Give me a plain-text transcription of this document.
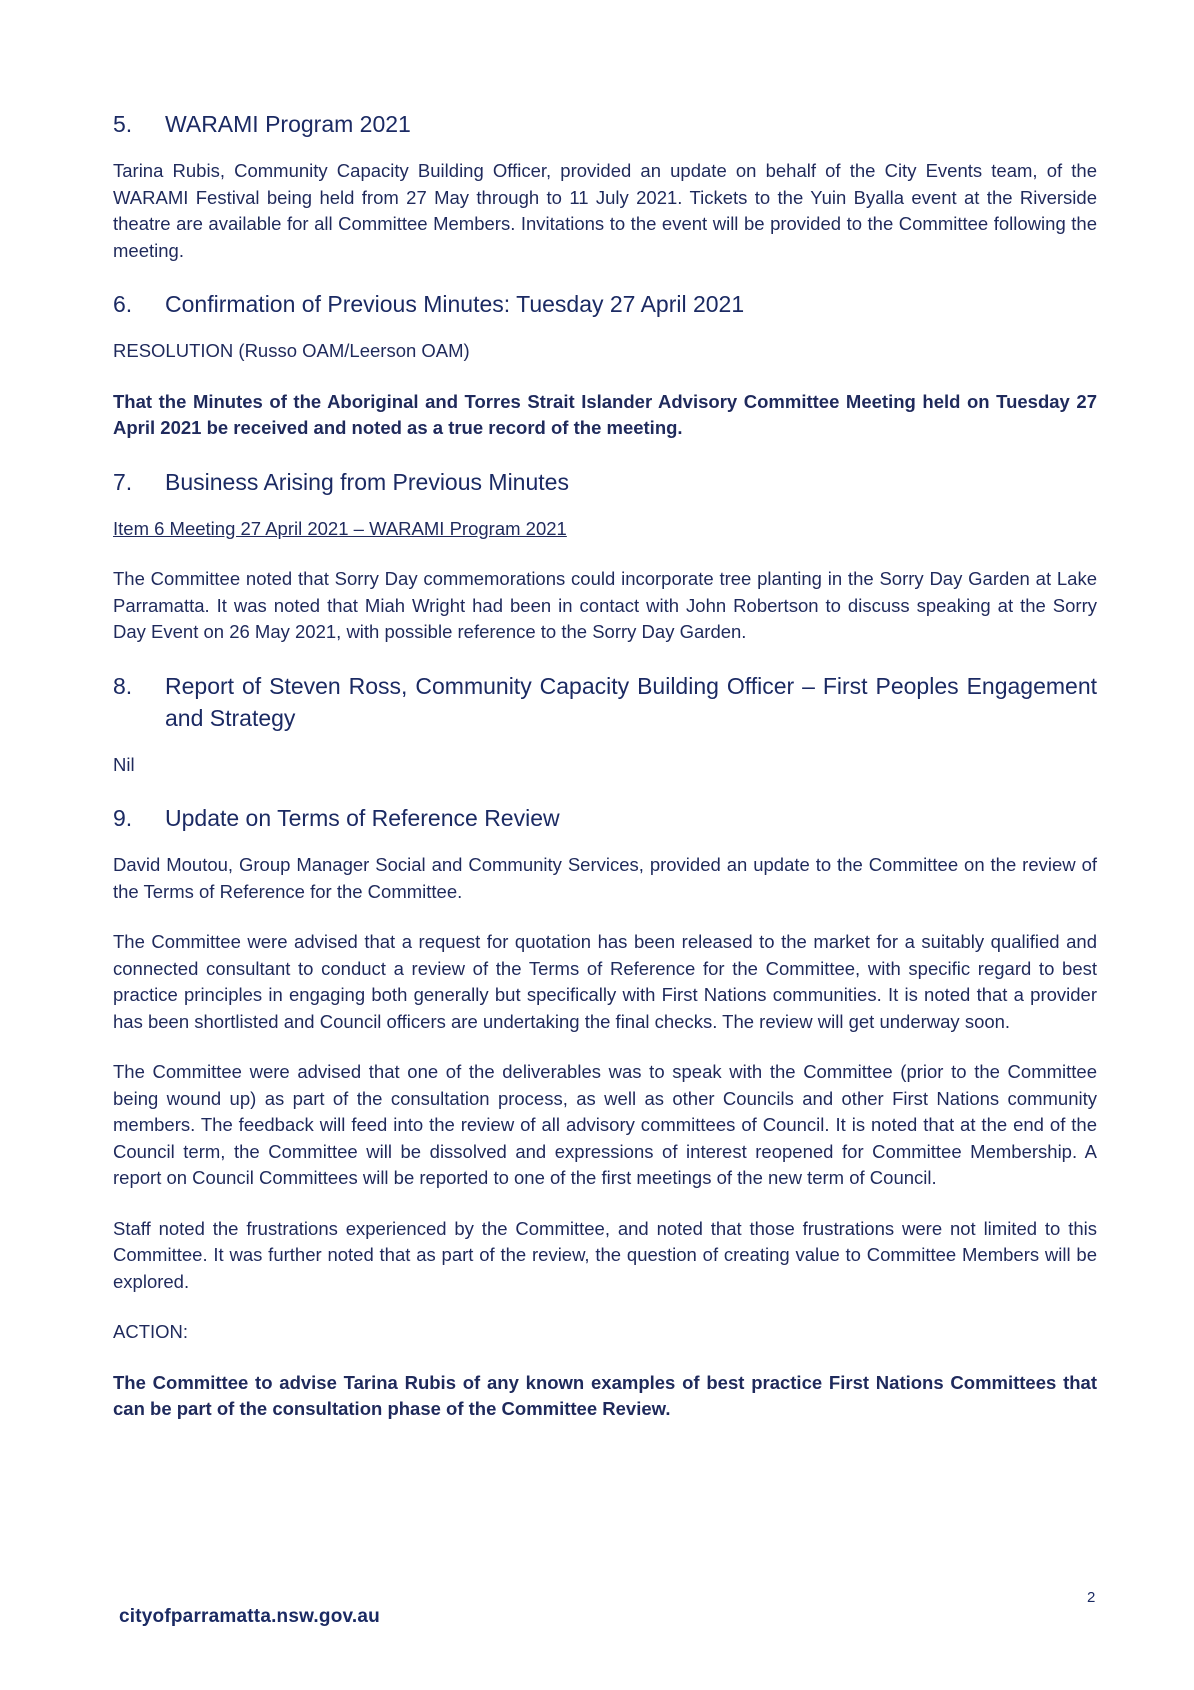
5.	WARAMI Program 2021

Tarina Rubis, Community Capacity Building Officer, provided an update on behalf of the City Events team, of the WARAMI Festival being held from 27 May through to 11 July 2021. Tickets to the Yuin Byalla event at the Riverside theatre are available for all Committee Members. Invitations to the event will be provided to the Committee following the meeting.

6.	Confirmation of Previous Minutes: Tuesday 27 April 2021

RESOLUTION (Russo OAM/Leerson OAM)

That the Minutes of the Aboriginal and Torres Strait Islander Advisory Committee Meeting held on Tuesday 27 April 2021 be received and noted as a true record of the meeting.

7.	Business Arising from Previous Minutes

Item 6 Meeting 27 April 2021 – WARAMI Program 2021

The Committee noted that Sorry Day commemorations could incorporate tree planting in the Sorry Day Garden at Lake Parramatta. It was noted that Miah Wright had been in contact with John Robertson to discuss speaking at the Sorry Day Event on 26 May 2021, with possible reference to the Sorry Day Garden.

8.	Report of Steven Ross, Community Capacity Building Officer – First Peoples Engagement and Strategy

Nil

9.	Update on Terms of Reference Review

David Moutou, Group Manager Social and Community Services, provided an update to the Committee on the review of the Terms of Reference for the Committee.

The Committee were advised that a request for quotation has been released to the market for a suitably qualified and connected consultant to conduct a review of the Terms of Reference for the Committee, with specific regard to best practice principles in engaging both generally but specifically with First Nations communities. It is noted that a provider has been shortlisted and Council officers are undertaking the final checks. The review will get underway soon.

The Committee were advised that one of the deliverables was to speak with the Committee (prior to the Committee being wound up) as part of the consultation process, as well as other Councils and other First Nations community members. The feedback will feed into the review of all advisory committees of Council. It is noted that at the end of the Council term, the Committee will be dissolved and expressions of interest reopened for Committee Membership. A report on Council Committees will be reported to one of the first meetings of the new term of Council.

Staff noted the frustrations experienced by the Committee, and noted that those frustrations were not limited to this Committee. It was further noted that as part of the review, the question of creating value to Committee Members will be explored.

ACTION:

The Committee to advise Tarina Rubis of any known examples of best practice First Nations Committees that can be part of the consultation phase of the Committee Review.

2
cityofparramatta.nsw.gov.au
